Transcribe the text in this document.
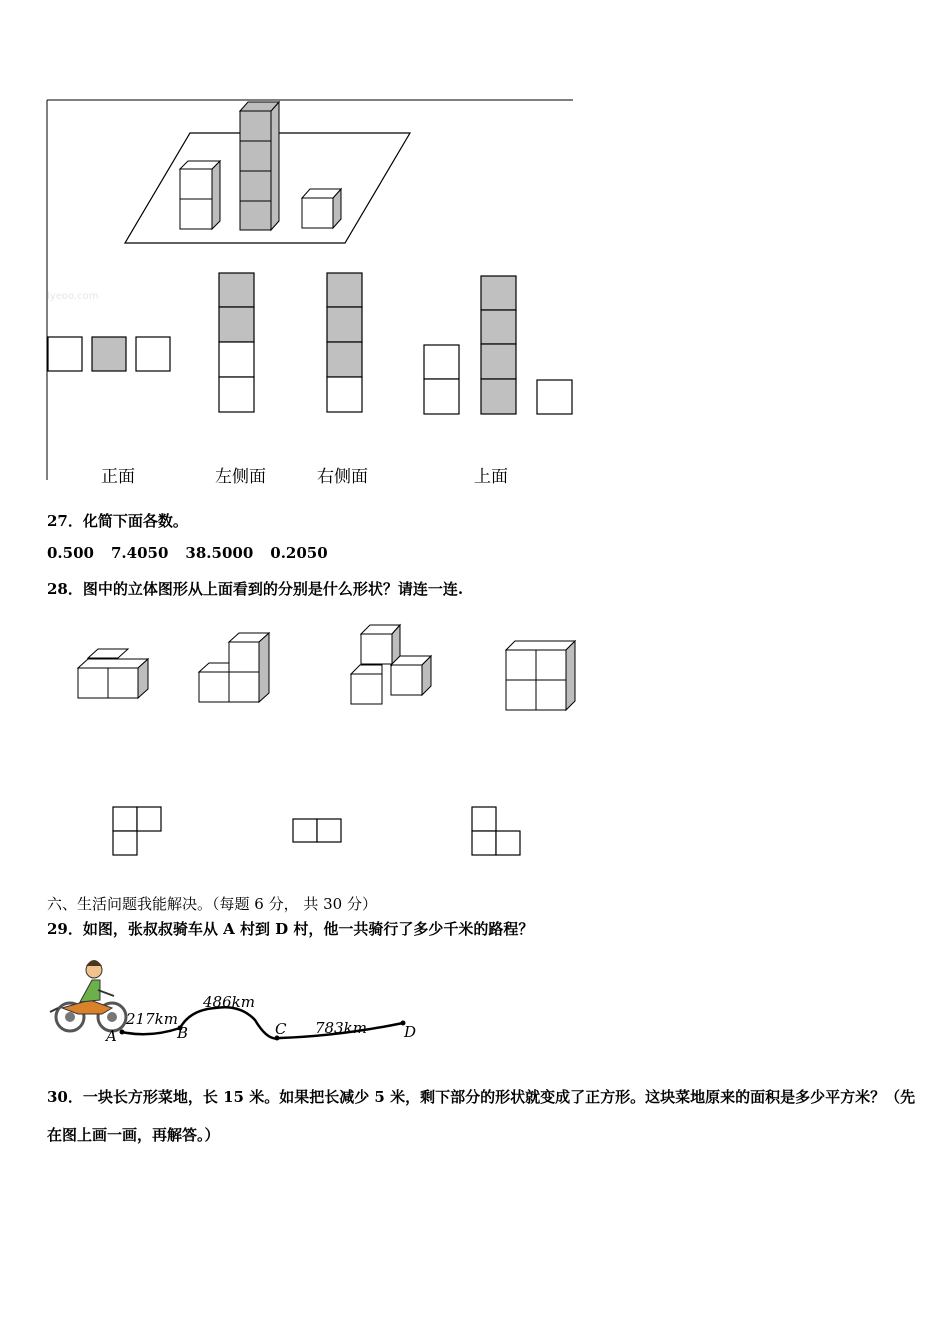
lyeoo.com
正面	左侧面	右侧面	上面
27．化简下面各数。
0.500 7.4050 38.5000 0.2050
28．图中的立体图形从上面看到的分别是什么形状？请连一连.
六、生活问题我能解决。（每题 6 分， 共 30 分）
29．如图，张叔叔骑车从 A 村到 D 村，他一共骑行了多少千米的路程？
A	B	C	D
217km
486km
783km
30．一块长方形菜地，长 15 米。如果把长减少 5 米，剩下部分的形状就变成了正方形。这块菜地原来的面积是多少平方米？（先在图上画一画，再解答。）
